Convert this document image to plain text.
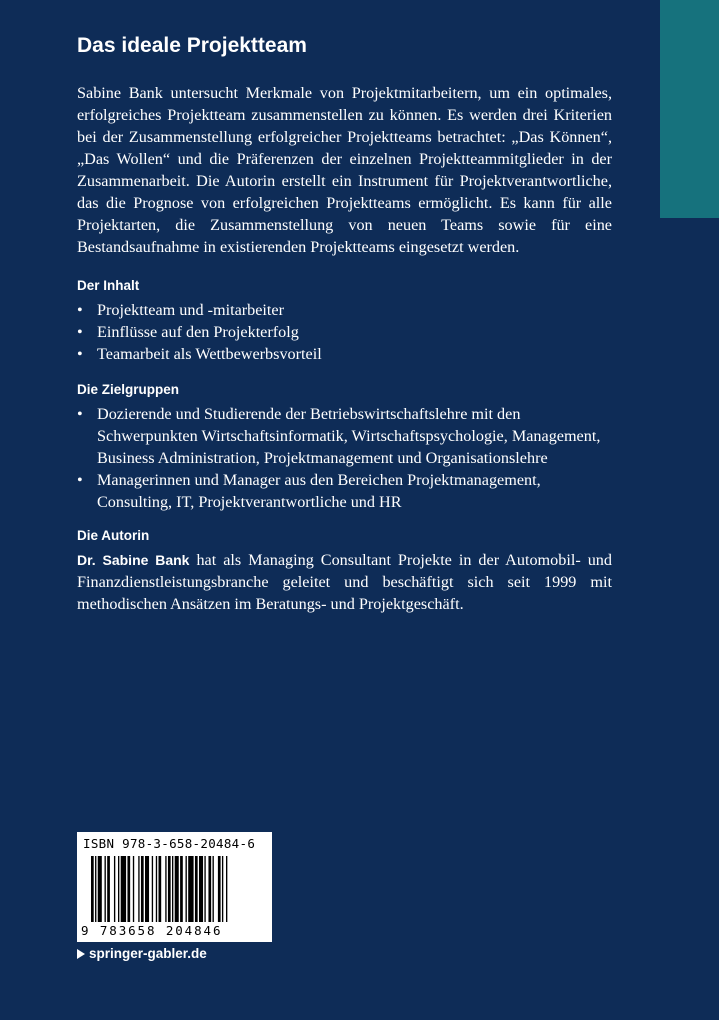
Das ideale Projektteam

Sabine Bank untersucht Merkmale von Projektmitarbeitern, um ein optimales, erfolgreiches Projektteam zusammenstellen zu können. Es werden drei Kriterien bei der Zusammenstellung erfolgreicher Projektteams betrachtet: „Das Können“, „Das Wollen“ und die Präferenzen der einzelnen Projektteammitglieder in der Zusammenarbeit. Die Autorin erstellt ein Instrument für Projektverantwortliche, das die Prognose von erfolgreichen Projektteams ermöglicht. Es kann für alle Projektarten, die Zusammenstellung von neuen Teams sowie für eine Bestandsaufnahme in existierenden Projektteams eingesetzt werden.

Der Inhalt
• Projektteam und -mitarbeiter
• Einflüsse auf den Projekterfolg
• Teamarbeit als Wettbewerbsvorteil
Die Zielgruppen
• Dozierende und Studierende der Betriebswirtschaftslehre mit den Schwerpunkten Wirtschaftsinformatik, Wirtschaftspsychologie, Management, Business Administration, Projektmanagement und Organisationslehre
• Managerinnen und Manager aus den Bereichen Projektmanagement, Consulting, IT, Projektverantwortliche und HR
Die Autorin

Dr. Sabine Bank hat als Managing Consultant Projekte in der Automobil- und Finanzdienstleistungsbranche geleitet und beschäftigt sich seit 1999 mit methodischen Ansätzen im Beratungs- und Projektgeschäft.

ISBN 978-3-658-20484-6
9 783658 204846
springer-gabler.de
